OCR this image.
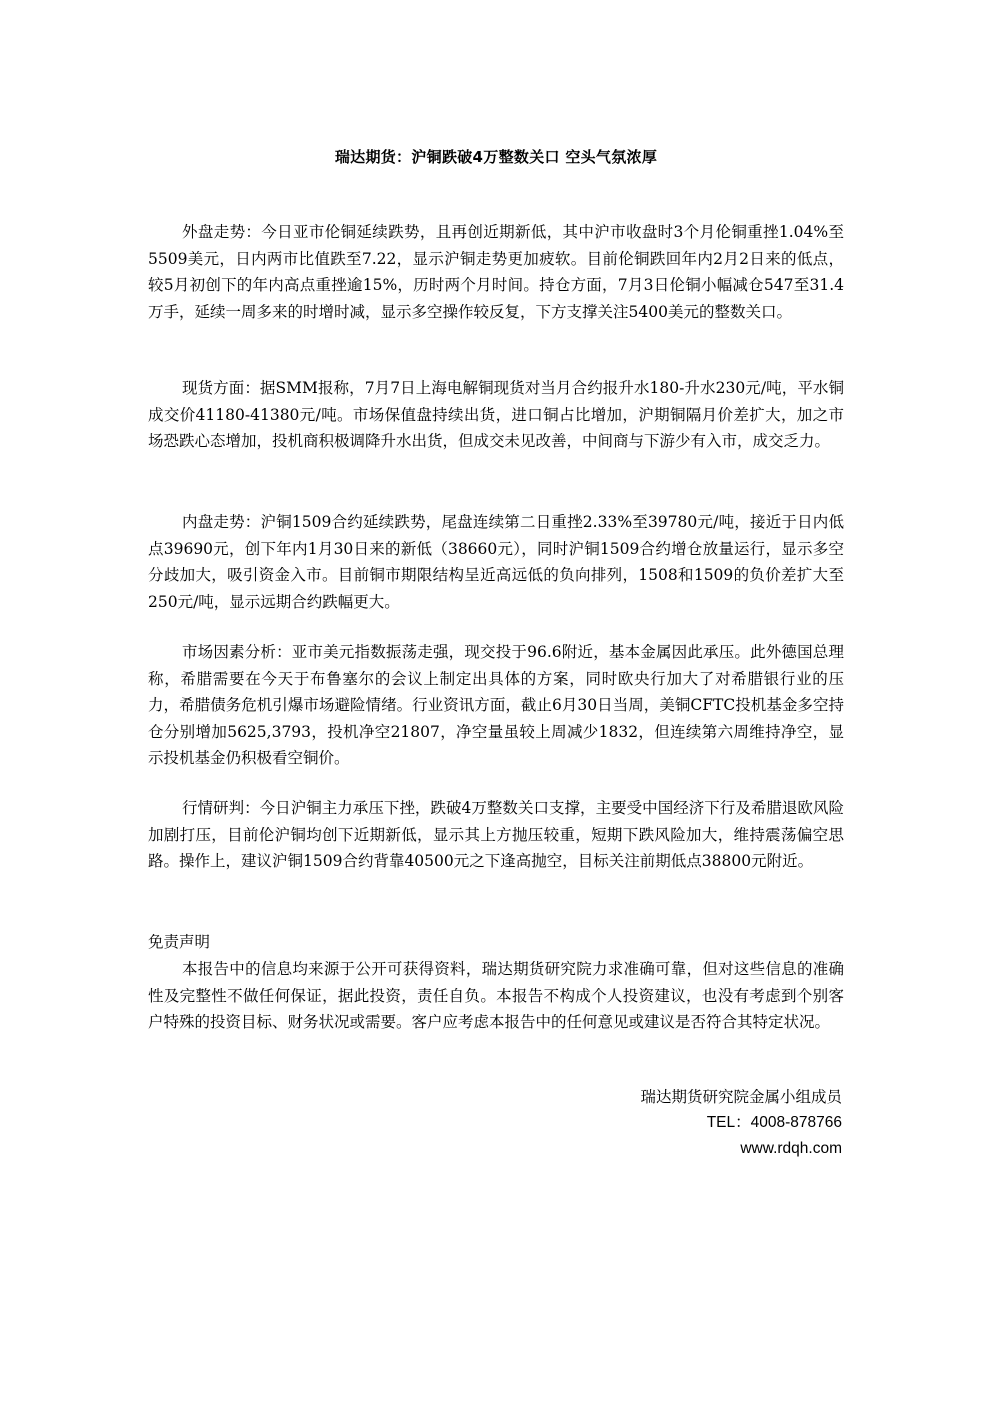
瑞达期货：沪铜跌破4万整数关口 空头气氛浓厚

外盘走势：今日亚市伦铜延续跌势，且再创近期新低，其中沪市收盘时3个月伦铜重挫1.04%至5509美元，日内两市比值跌至7.22，显示沪铜走势更加疲软。目前伦铜跌回年内2月2日来的低点，较5月初创下的年内高点重挫逾15%，历时两个月时间。持仓方面，7月3日伦铜小幅减仓547至31.4万手，延续一周多来的时增时减，显示多空操作较反复，下方支撑关注5400美元的整数关口。

现货方面：据SMM报称，7月7日上海电解铜现货对当月合约报升水180-升水230元/吨，平水铜成交价41180-41380元/吨。市场保值盘持续出货，进口铜占比增加，沪期铜隔月价差扩大，加之市场恐跌心态增加，投机商积极调降升水出货，但成交未见改善，中间商与下游少有入市，成交乏力。

内盘走势：沪铜1509合约延续跌势，尾盘连续第二日重挫2.33%至39780元/吨，接近于日内低点39690元，创下年内1月30日来的新低（38660元），同时沪铜1509合约增仓放量运行，显示多空分歧加大，吸引资金入市。目前铜市期限结构呈近高远低的负向排列，1508和1509的负价差扩大至250元/吨，显示远期合约跌幅更大。

市场因素分析：亚市美元指数振荡走强，现交投于96.6附近，基本金属因此承压。此外德国总理称，希腊需要在今天于布鲁塞尔的会议上制定出具体的方案，同时欧央行加大了对希腊银行业的压力，希腊债务危机引爆市场避险情绪。行业资讯方面，截止6月30日当周，美铜CFTC投机基金多空持仓分别增加5625,3793，投机净空21807，净空量虽较上周减少1832，但连续第六周维持净空，显示投机基金仍积极看空铜价。

行情研判：今日沪铜主力承压下挫，跌破4万整数关口支撑，主要受中国经济下行及希腊退欧风险加剧打压，目前伦沪铜均创下近期新低，显示其上方抛压较重，短期下跌风险加大，维持震荡偏空思路。操作上，建议沪铜1509合约背靠40500元之下逢高抛空，目标关注前期低点38800元附近。

免责声明

本报告中的信息均来源于公开可获得资料，瑞达期货研究院力求准确可靠，但对这些信息的准确性及完整性不做任何保证，据此投资，责任自负。本报告不构成个人投资建议，也没有考虑到个别客户特殊的投资目标、财务状况或需要。客户应考虑本报告中的任何意见或建议是否符合其特定状况。

瑞达期货研究院金属小组成员
TEL：4008-878766
www.rdqh.com
